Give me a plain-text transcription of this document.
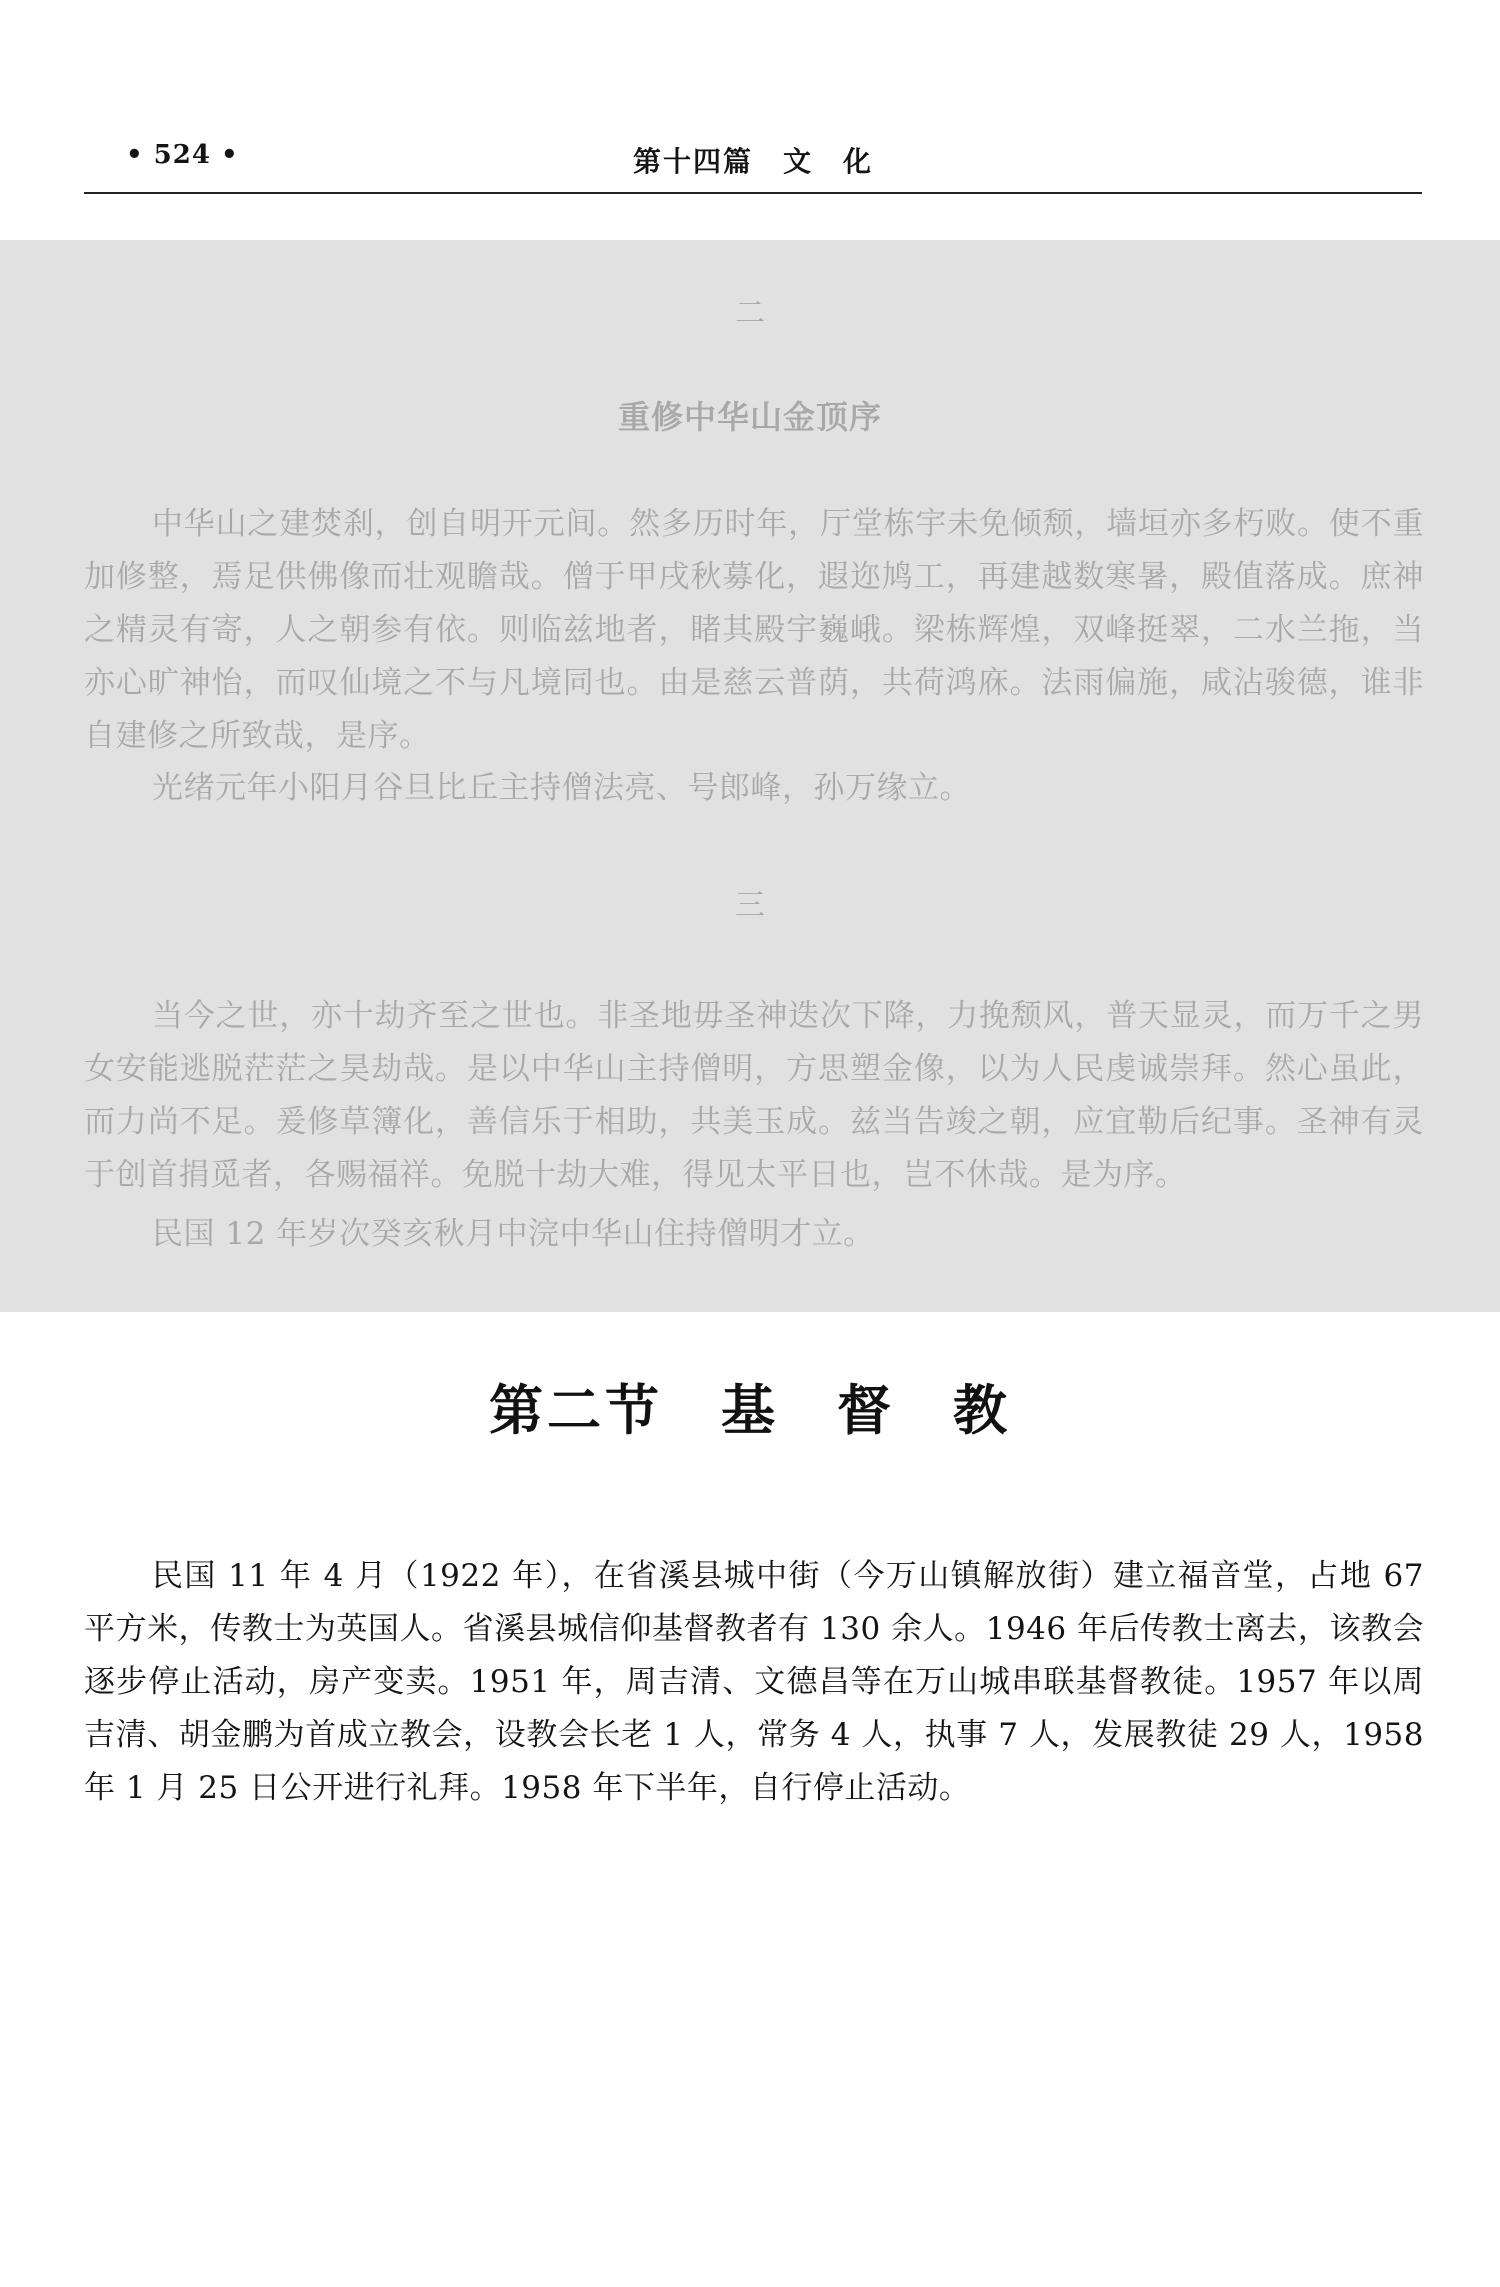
• 524 •	第十四篇　文　化
二
重修中华山金顶序

中华山之建焚刹，创自明开元间。然多历时年，厅堂栋宇未免倾颓，墙垣亦多朽败。使不重加修整，焉足供佛像而壮观瞻哉。僧于甲戌秋募化，遐迩鸠工，再建越数寒暑，殿值落成。庶神之精灵有寄，人之朝参有依。则临兹地者，睹其殿宇巍峨。梁栋辉煌，双峰挺翠，二水兰拖，当亦心旷神怡，而叹仙境之不与凡境同也。由是慈云普荫，共荷鸿庥。法雨偏施，咸沾骏德，谁非自建修之所致哉，是序。

光绪元年小阳月谷旦比丘主持僧法亮、号郎峰，孙万缘立。

三

当今之世，亦十劫齐至之世也。非圣地毋圣神迭次下降，力挽颓风，普天显灵，而万千之男女安能逃脱茫茫之昊劫哉。是以中华山主持僧明，方思塑金像，以为人民虔诚崇拜。然心虽此，而力尚不足。爰修草簿化，善信乐于相助，共美玉成。兹当告竣之朝，应宜勒后纪事。圣神有灵于创首捐觅者，各赐福祥。免脱十劫大难，得见太平日也，岂不休哉。是为序。

民国 12 年岁次癸亥秋月中浣中华山住持僧明才立。

第二节　基　督　教

民国 11 年 4 月（1922 年），在省溪县城中街（今万山镇解放街）建立福音堂，占地 67 平方米，传教士为英国人。省溪县城信仰基督教者有 130 余人。1946 年后传教士离去，该教会逐步停止活动，房产变卖。1951 年，周吉清、文德昌等在万山城串联基督教徒。1957 年以周吉清、胡金鹏为首成立教会，设教会长老 1 人，常务 4 人，执事 7 人，发展教徒 29 人，1958 年 1 月 25 日公开进行礼拜。1958 年下半年，自行停止活动。
